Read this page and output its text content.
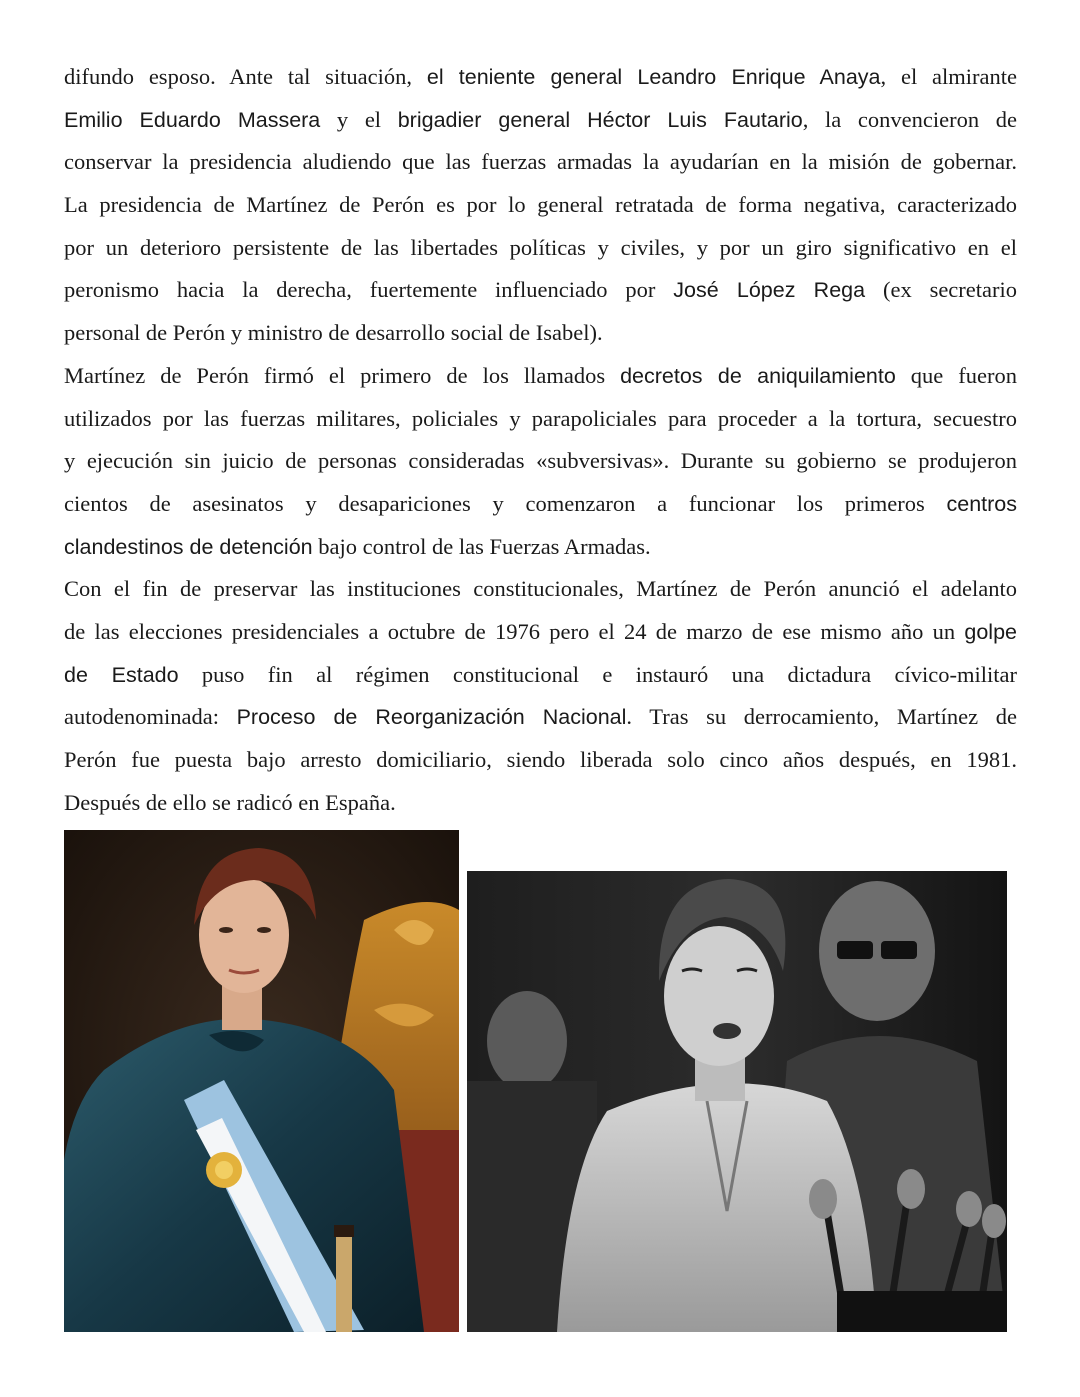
difundo esposo. Ante tal situación, el teniente general Leandro Enrique Anaya, el almirante
Emilio Eduardo Massera y el brigadier general Héctor Luis Fautario, la convencieron de
conservar la presidencia aludiendo que las fuerzas armadas la ayudarían en la misión de gobernar.
La presidencia de Martínez de Perón es por lo general retratada de forma negativa, caracterizado
por un deterioro persistente de las libertades políticas y civiles, y por un giro significativo en el
peronismo hacia la derecha, fuertemente influenciado por José López Rega (ex secretario
personal de Perón y ministro de desarrollo social de Isabel).
Martínez de Perón firmó el primero de los llamados decretos de aniquilamiento que fueron
utilizados por las fuerzas militares, policiales y parapoliciales para proceder a la tortura, secuestro
y ejecución sin juicio de personas consideradas «subversivas». Durante su gobierno se produjeron
cientos de asesinatos y desapariciones y comenzaron a funcionar los primeros centros
clandestinos de detención bajo control de las Fuerzas Armadas.
Con el fin de preservar las instituciones constitucionales, Martínez de Perón anunció el adelanto
de las elecciones presidenciales a octubre de 1976 pero el 24 de marzo de ese mismo año un golpe
de Estado puso fin al régimen constitucional e instauró una dictadura cívico-militar
autodenominada: Proceso de Reorganización Nacional. Tras su derrocamiento, Martínez de
Perón fue puesta bajo arresto domiciliario, siendo liberada solo cinco años después, en 1981.
Después de ello se radicó en España.
